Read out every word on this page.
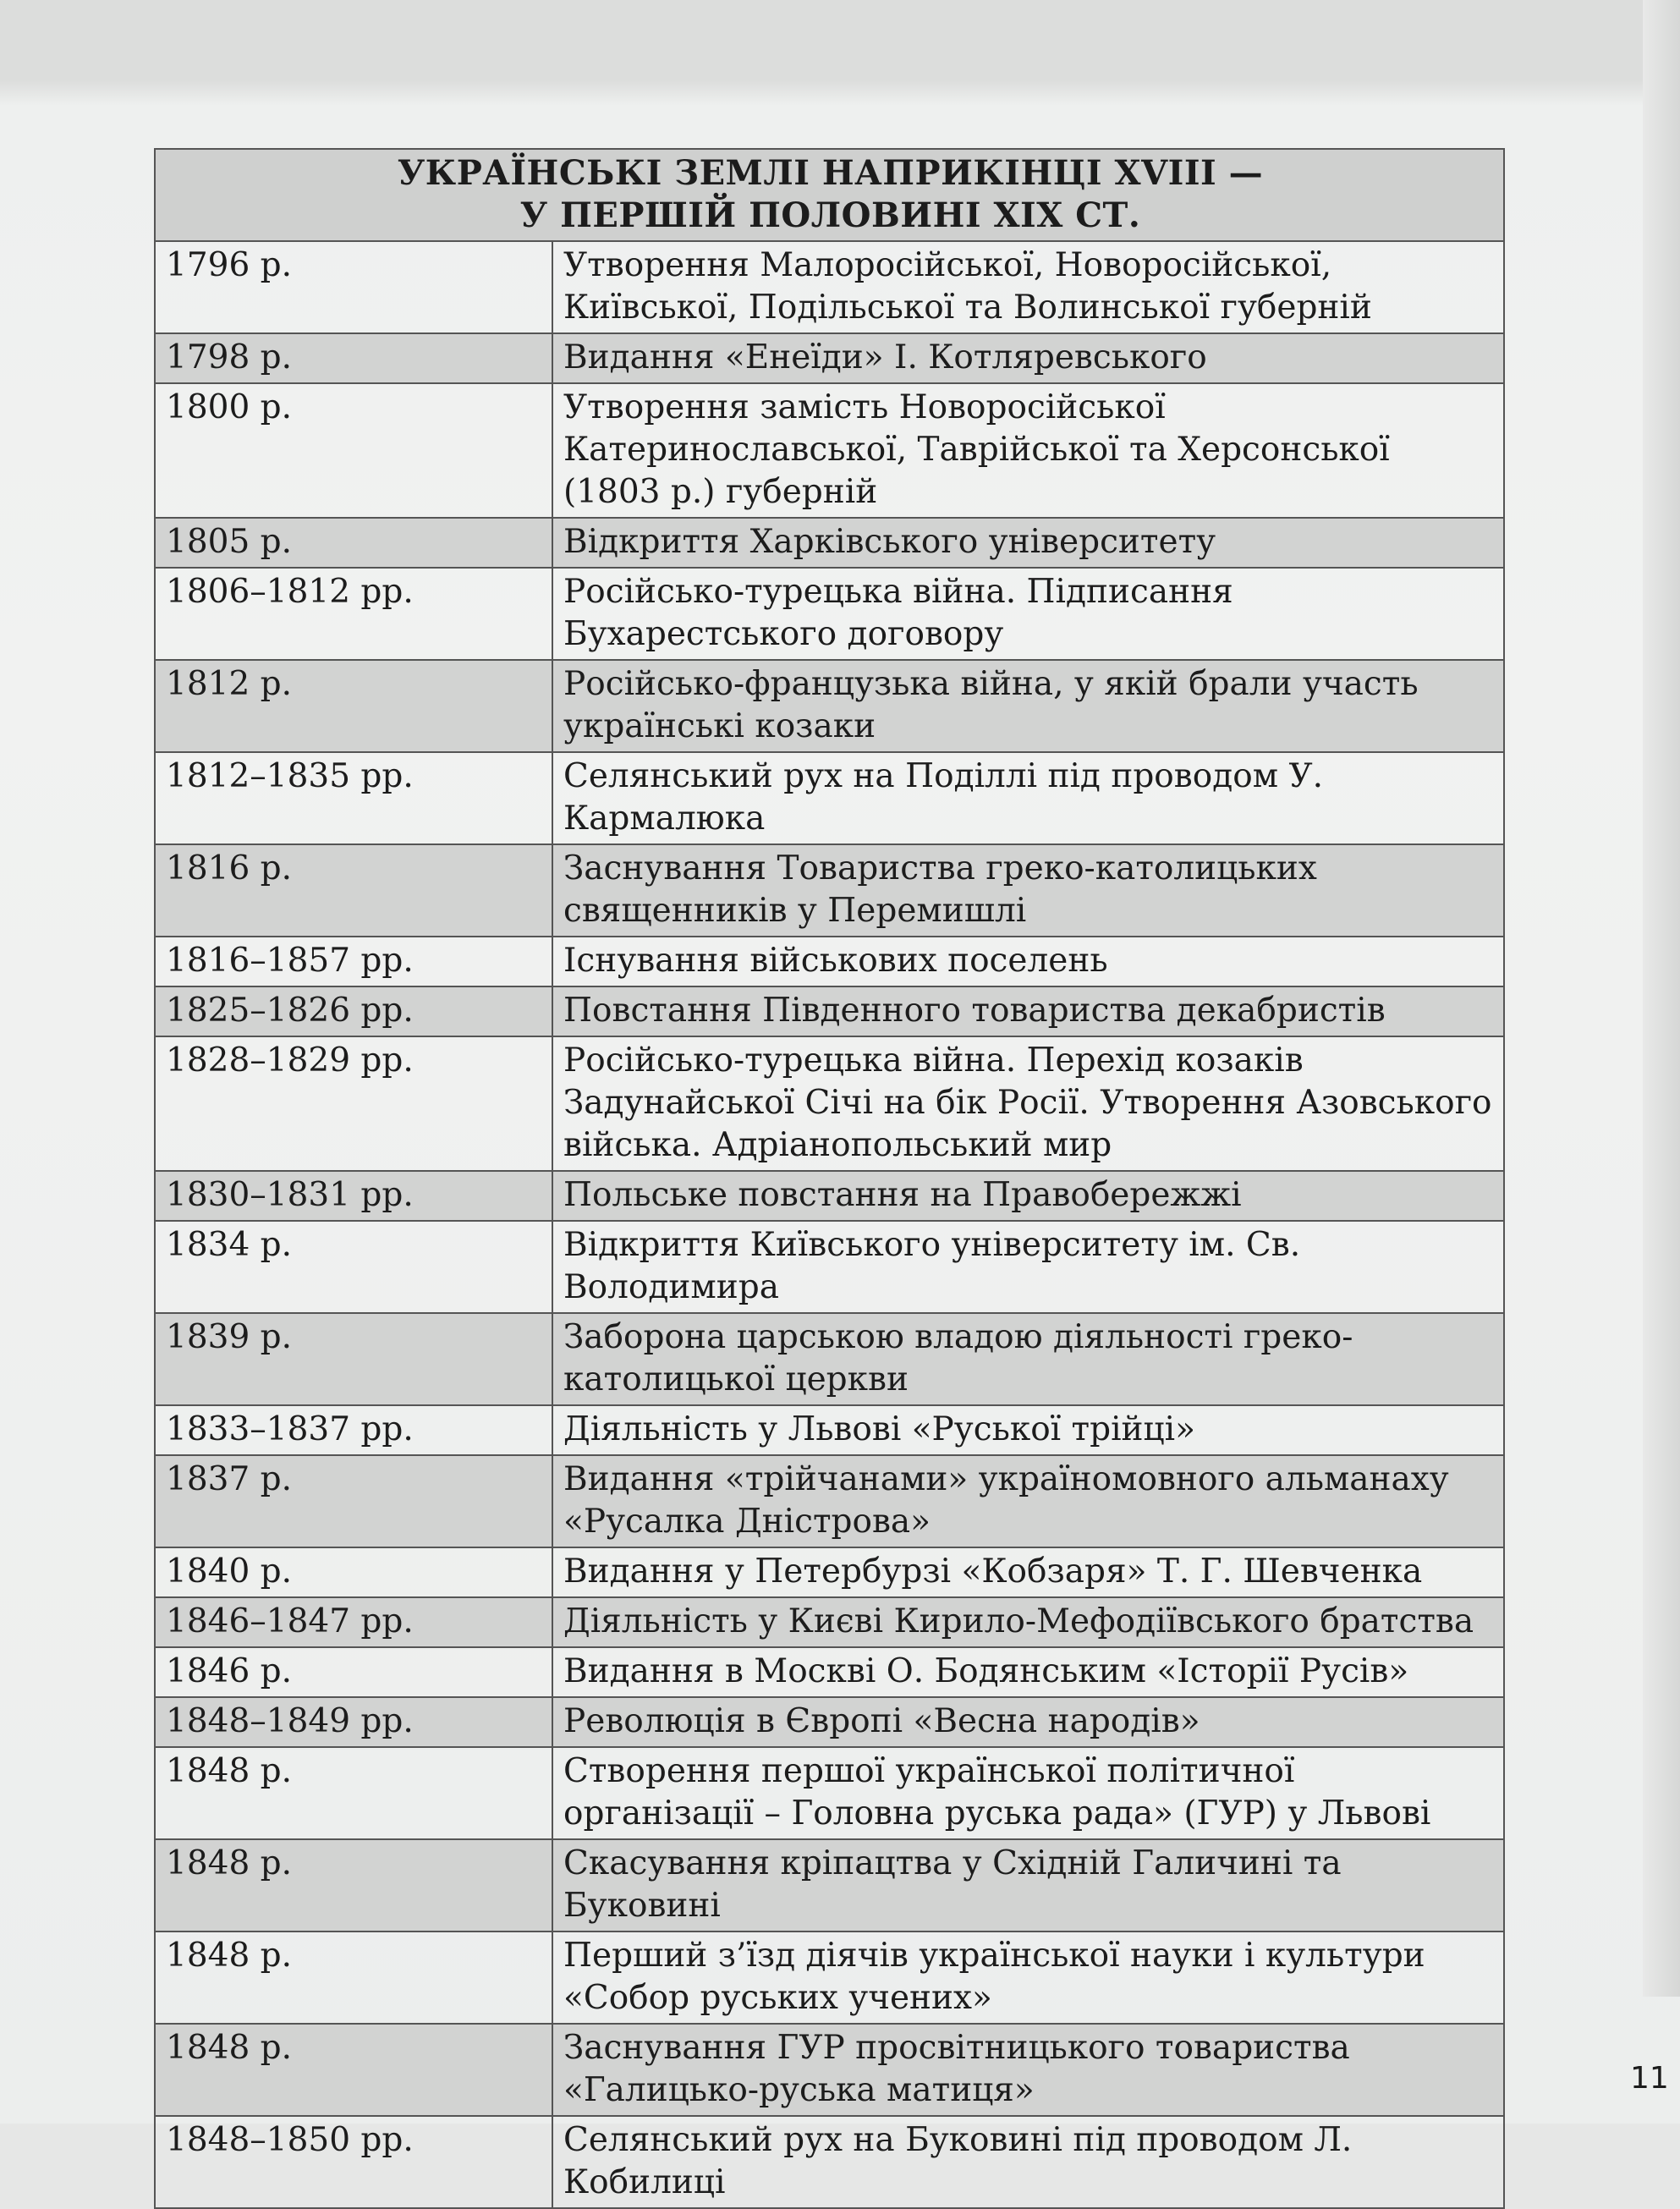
УКРАЇНСЬКІ ЗЕМЛІ НАПРИКІНЦІ XVIII —
У ПЕРШІЙ ПОЛОВИНІ XIX СТ.	

1796 р.	Утворення Малоросійської, Новоросійської, Київської, Подільської та Волинської губерній
1798 р.	Видання «Енеїди» І. Котляревського
1800 р.	Утворення замість Новоросійської Катеринославської, Таврійської та Херсонської (1803 р.) губерній
1805 р.	Відкриття Харківського університету
1806–1812 рр.	Російсько-турецька війна. Підписання Бухарестського договору
1812 р.	Російсько-французька війна, у якій брали участь українські козаки
1812–1835 рр.	Селянський рух на Поділлі під проводом У. Кармалюка
1816 р.	Заснування Товариства греко-католицьких священників у Перемишлі
1816–1857 рр.	Існування військових поселень
1825–1826 рр.	Повстання Південного товариства декабристів
1828–1829 рр.	Російсько-турецька війна. Перехід козаків Задунайської Січі на бік Росії. Утворення Азовського війська. Адріанопольський мир
1830–1831 рр.	Польське повстання на Правобережжі
1834 р.	Відкриття Київського університету ім. Св. Володимира
1839 р.	Заборона царською владою діяльності греко-католицької церкви
1833–1837 рр.	Діяльність у Львові «Руської трійці»
1837 р.	Видання «трійчанами» україномовного альманаху «Русалка Дністрова»
1840 р.	Видання у Петербурзі «Кобзаря» Т. Г. Шевченка
1846–1847 рр.	Діяльність у Києві Кирило-Мефодіївського братства
1846 р.	Видання в Москві О. Бодянським «Історії Русів»
1848–1849 рр.	Революція в Європі «Весна народів»
1848 р.	Створення першої української політичної організації – Головна руська рада» (ГУР) у Львові
1848 р.	Скасування кріпацтва у Східній Галичині та Буковині
1848 р.	Перший з’їзд діячів української науки і культури «Собор руських учених»
1848 р.	Заснування ГУР просвітницького товариства «Галицько-руська матиця»
1848–1850 рр.	Селянський рух на Буковині під проводом Л. Кобилиці
11
